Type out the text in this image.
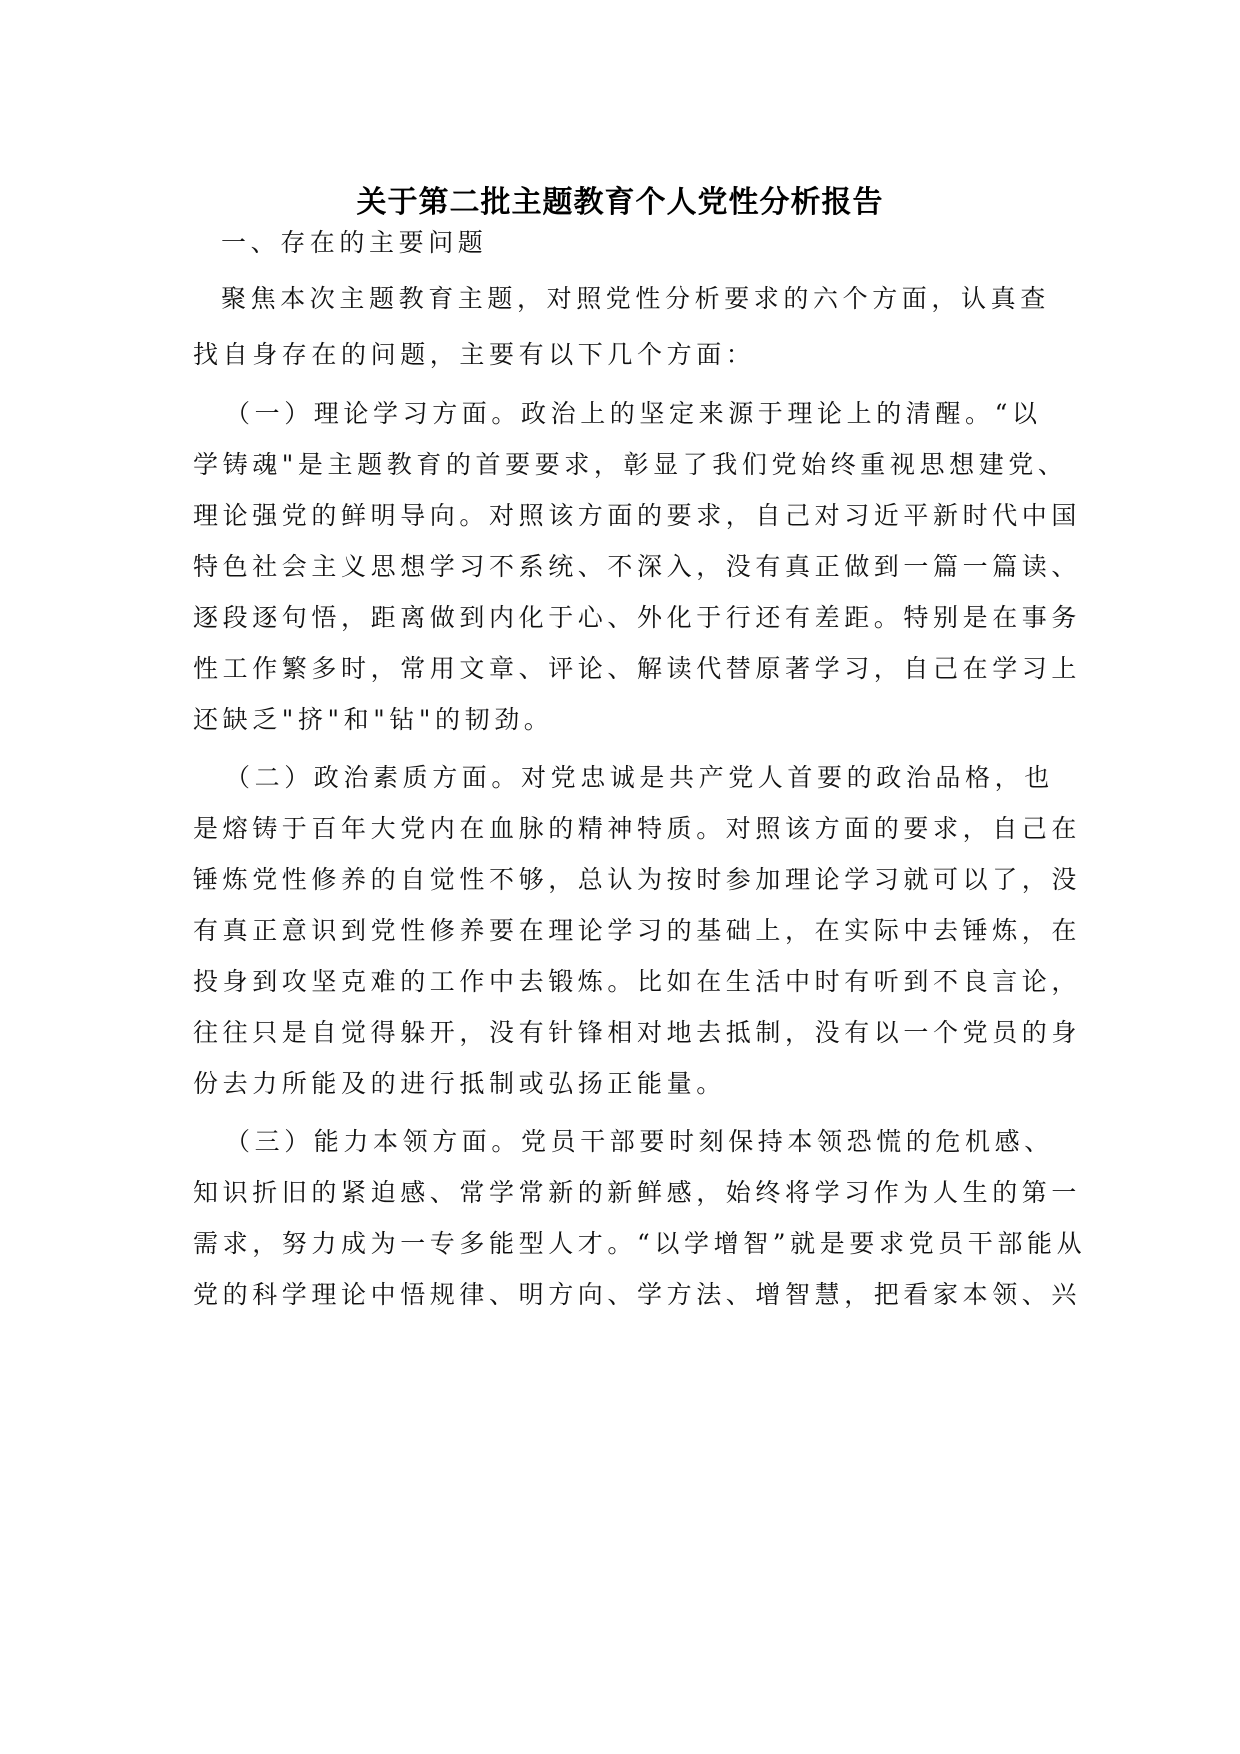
关于第二批主题教育个人党性分析报告
一、存在的主要问题
聚焦本次主题教育主题，对照党性分析要求的六个方面，认真查
找自身存在的问题，主要有以下几个方面：
（一）理论学习方面。政治上的坚定来源于理论上的清醒。“以
学铸魂"是主题教育的首要要求，彰显了我们党始终重视思想建党、
理论强党的鲜明导向。对照该方面的要求，自己对习近平新时代中国
特色社会主义思想学习不系统、不深入，没有真正做到一篇一篇读、
逐段逐句悟，距离做到内化于心、外化于行还有差距。特别是在事务
性工作繁多时，常用文章、评论、解读代替原著学习，自己在学习上
还缺乏"挤"和"钻"的韧劲。
（二）政治素质方面。对党忠诚是共产党人首要的政治品格，也
是熔铸于百年大党内在血脉的精神特质。对照该方面的要求，自己在
锤炼党性修养的自觉性不够，总认为按时参加理论学习就可以了，没
有真正意识到党性修养要在理论学习的基础上，在实际中去锤炼，在
投身到攻坚克难的工作中去锻炼。比如在生活中时有听到不良言论，
往往只是自觉得躲开，没有针锋相对地去抵制，没有以一个党员的身
份去力所能及的进行抵制或弘扬正能量。
（三）能力本领方面。党员干部要时刻保持本领恐慌的危机感、
知识折旧的紧迫感、常学常新的新鲜感，始终将学习作为人生的第一
需求，努力成为一专多能型人才。“以学增智”就是要求党员干部能从
党的科学理论中悟规律、明方向、学方法、增智慧，把看家本领、兴
